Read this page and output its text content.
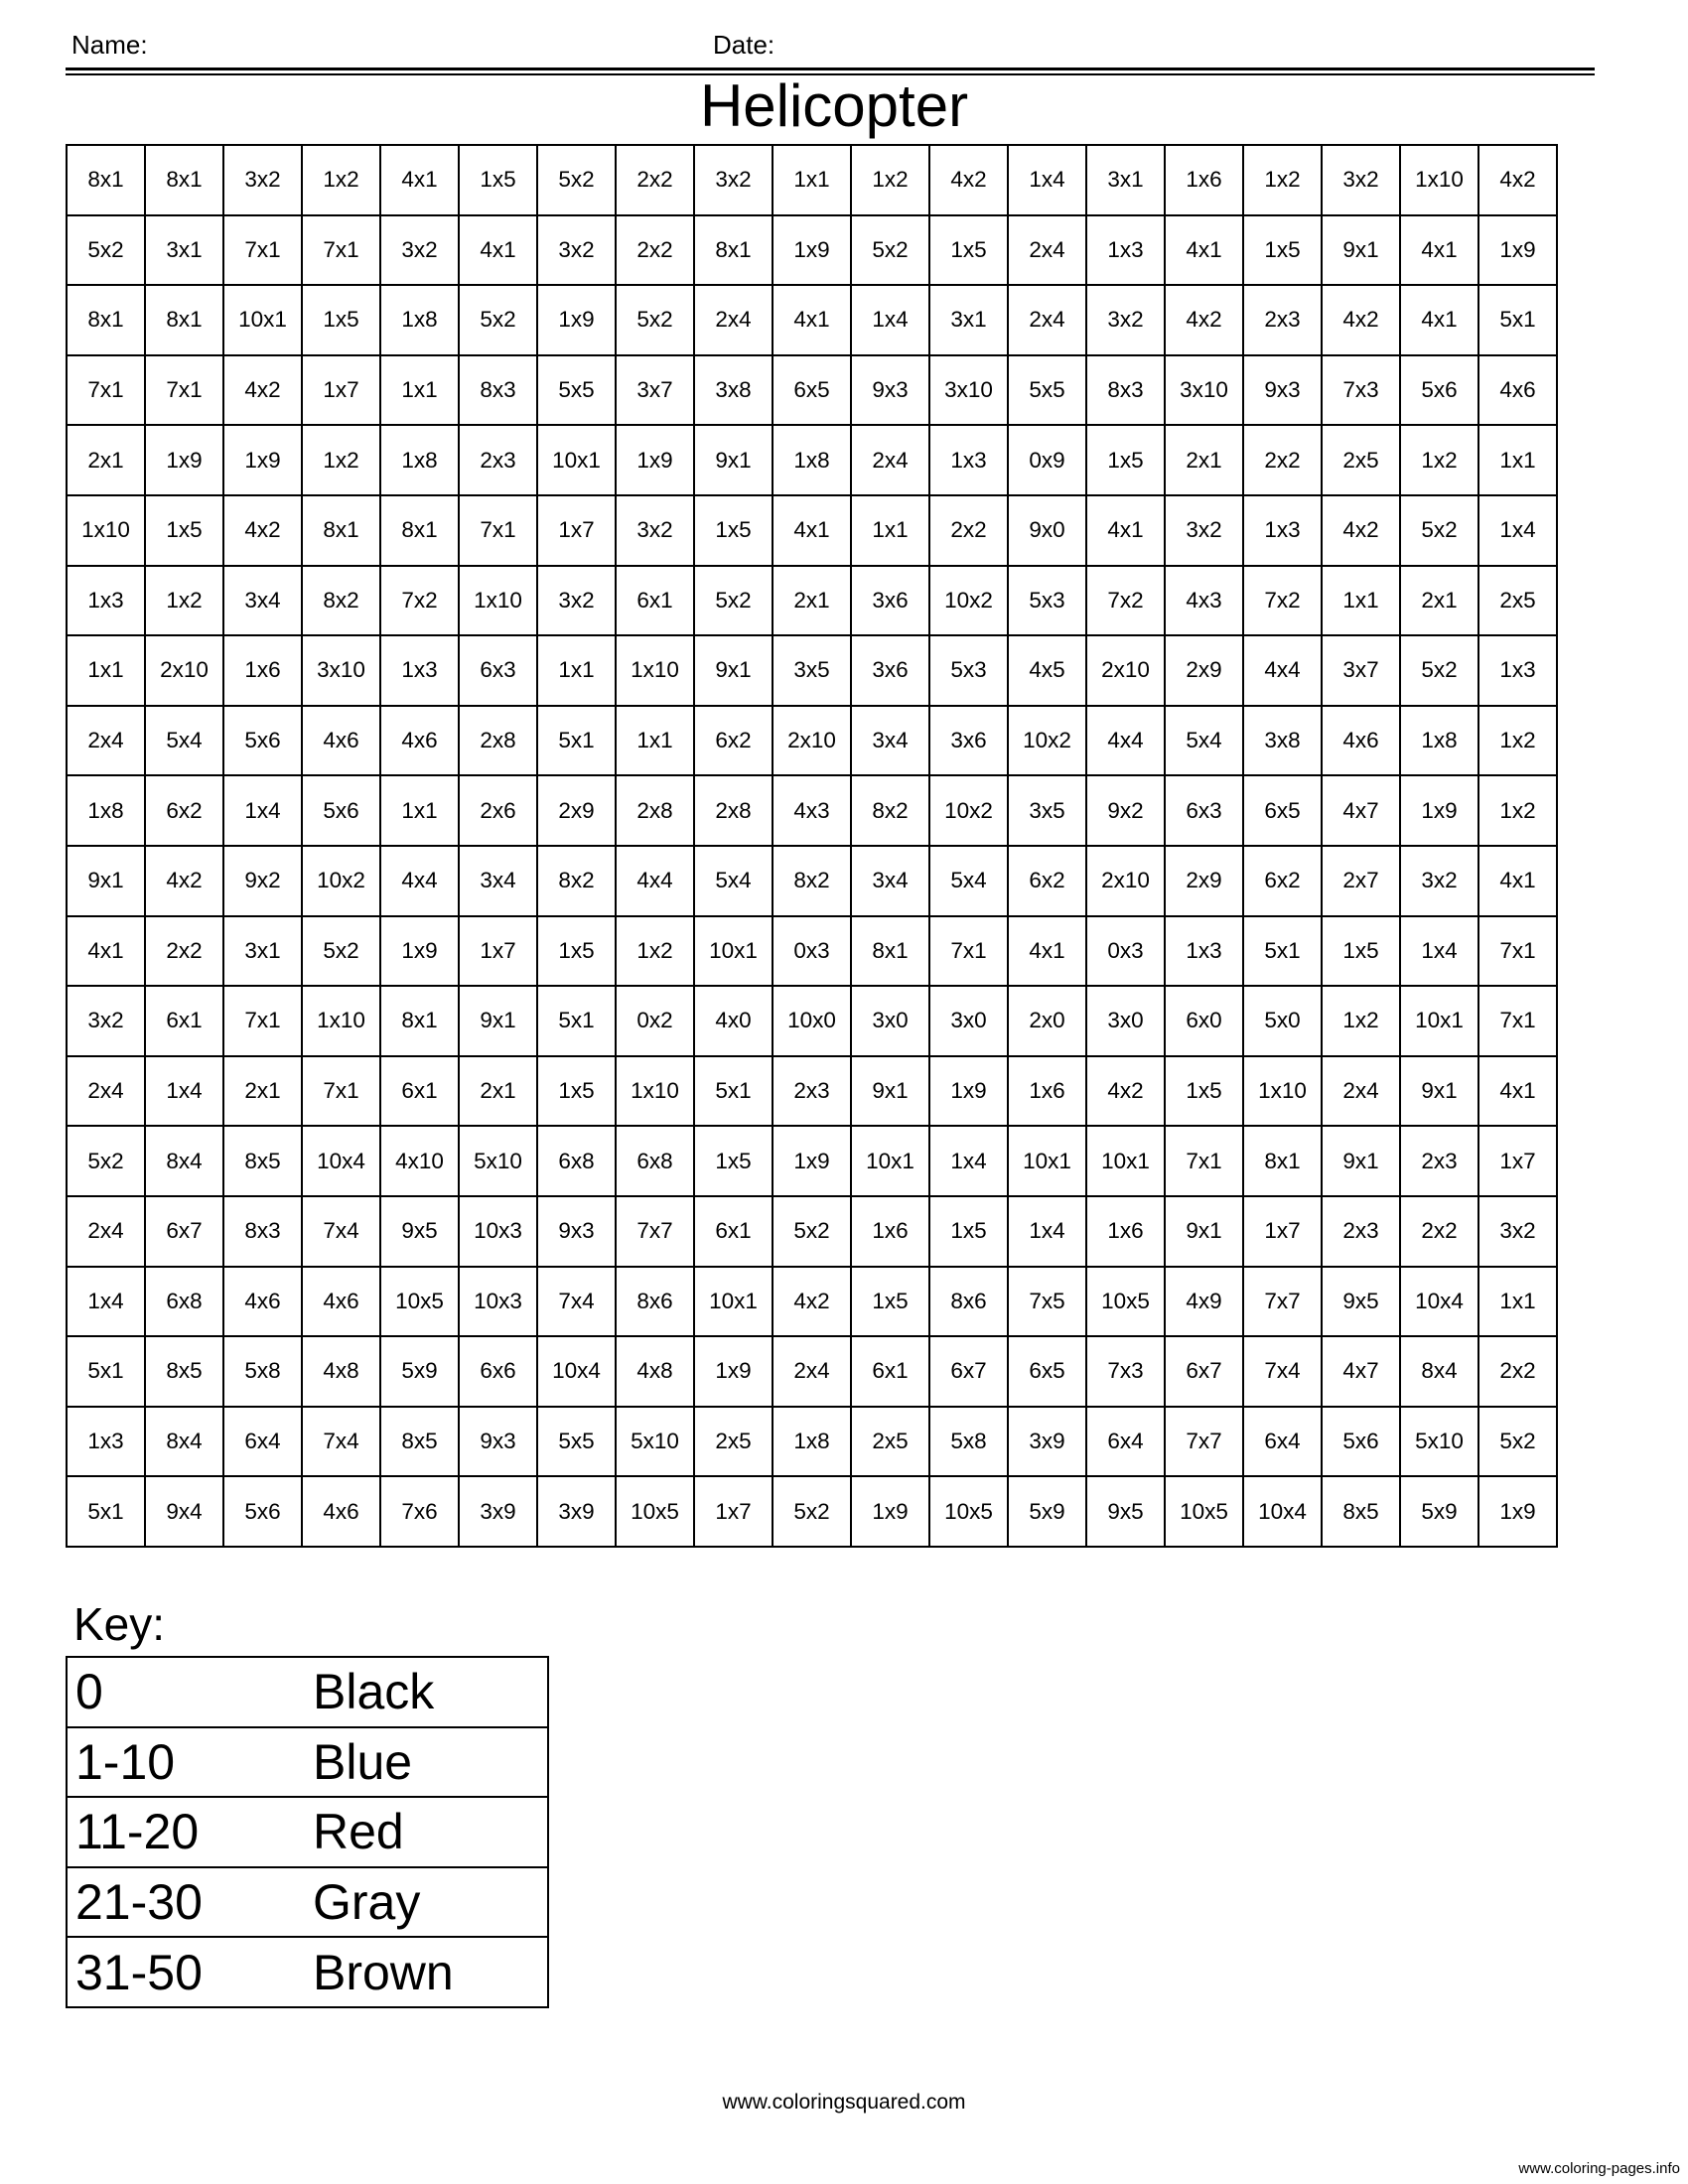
Name:	Date:
Helicopter
8x1	8x1	3x2	1x2	4x1	1x5	5x2	2x2	3x2	1x1	1x2	4x2	1x4	3x1	1x6	1x2	3x2	1x10	4x2
5x2	3x1	7x1	7x1	3x2	4x1	3x2	2x2	8x1	1x9	5x2	1x5	2x4	1x3	4x1	1x5	9x1	4x1	1x9
8x1	8x1	10x1	1x5	1x8	5x2	1x9	5x2	2x4	4x1	1x4	3x1	2x4	3x2	4x2	2x3	4x2	4x1	5x1
7x1	7x1	4x2	1x7	1x1	8x3	5x5	3x7	3x8	6x5	9x3	3x10	5x5	8x3	3x10	9x3	7x3	5x6	4x6
2x1	1x9	1x9	1x2	1x8	2x3	10x1	1x9	9x1	1x8	2x4	1x3	0x9	1x5	2x1	2x2	2x5	1x2	1x1
1x10	1x5	4x2	8x1	8x1	7x1	1x7	3x2	1x5	4x1	1x1	2x2	9x0	4x1	3x2	1x3	4x2	5x2	1x4
1x3	1x2	3x4	8x2	7x2	1x10	3x2	6x1	5x2	2x1	3x6	10x2	5x3	7x2	4x3	7x2	1x1	2x1	2x5
1x1	2x10	1x6	3x10	1x3	6x3	1x1	1x10	9x1	3x5	3x6	5x3	4x5	2x10	2x9	4x4	3x7	5x2	1x3
2x4	5x4	5x6	4x6	4x6	2x8	5x1	1x1	6x2	2x10	3x4	3x6	10x2	4x4	5x4	3x8	4x6	1x8	1x2
1x8	6x2	1x4	5x6	1x1	2x6	2x9	2x8	2x8	4x3	8x2	10x2	3x5	9x2	6x3	6x5	4x7	1x9	1x2
9x1	4x2	9x2	10x2	4x4	3x4	8x2	4x4	5x4	8x2	3x4	5x4	6x2	2x10	2x9	6x2	2x7	3x2	4x1
4x1	2x2	3x1	5x2	1x9	1x7	1x5	1x2	10x1	0x3	8x1	7x1	4x1	0x3	1x3	5x1	1x5	1x4	7x1
3x2	6x1	7x1	1x10	8x1	9x1	5x1	0x2	4x0	10x0	3x0	3x0	2x0	3x0	6x0	5x0	1x2	10x1	7x1
2x4	1x4	2x1	7x1	6x1	2x1	1x5	1x10	5x1	2x3	9x1	1x9	1x6	4x2	1x5	1x10	2x4	9x1	4x1
5x2	8x4	8x5	10x4	4x10	5x10	6x8	6x8	1x5	1x9	10x1	1x4	10x1	10x1	7x1	8x1	9x1	2x3	1x7
2x4	6x7	8x3	7x4	9x5	10x3	9x3	7x7	6x1	5x2	1x6	1x5	1x4	1x6	9x1	1x7	2x3	2x2	3x2
1x4	6x8	4x6	4x6	10x5	10x3	7x4	8x6	10x1	4x2	1x5	8x6	7x5	10x5	4x9	7x7	9x5	10x4	1x1
5x1	8x5	5x8	4x8	5x9	6x6	10x4	4x8	1x9	2x4	6x1	6x7	6x5	7x3	6x7	7x4	4x7	8x4	2x2
1x3	8x4	6x4	7x4	8x5	9x3	5x5	5x10	2x5	1x8	2x5	5x8	3x9	6x4	7x7	6x4	5x6	5x10	5x2
5x1	9x4	5x6	4x6	7x6	3x9	3x9	10x5	1x7	5x2	1x9	10x5	5x9	9x5	10x5	10x4	8x5	5x9	1x9
Key:
0	Black
1-10	Blue
11-20	Red
21-30	Gray
31-50	Brown
www.coloringsquared.com
www.coloring-pages.info
